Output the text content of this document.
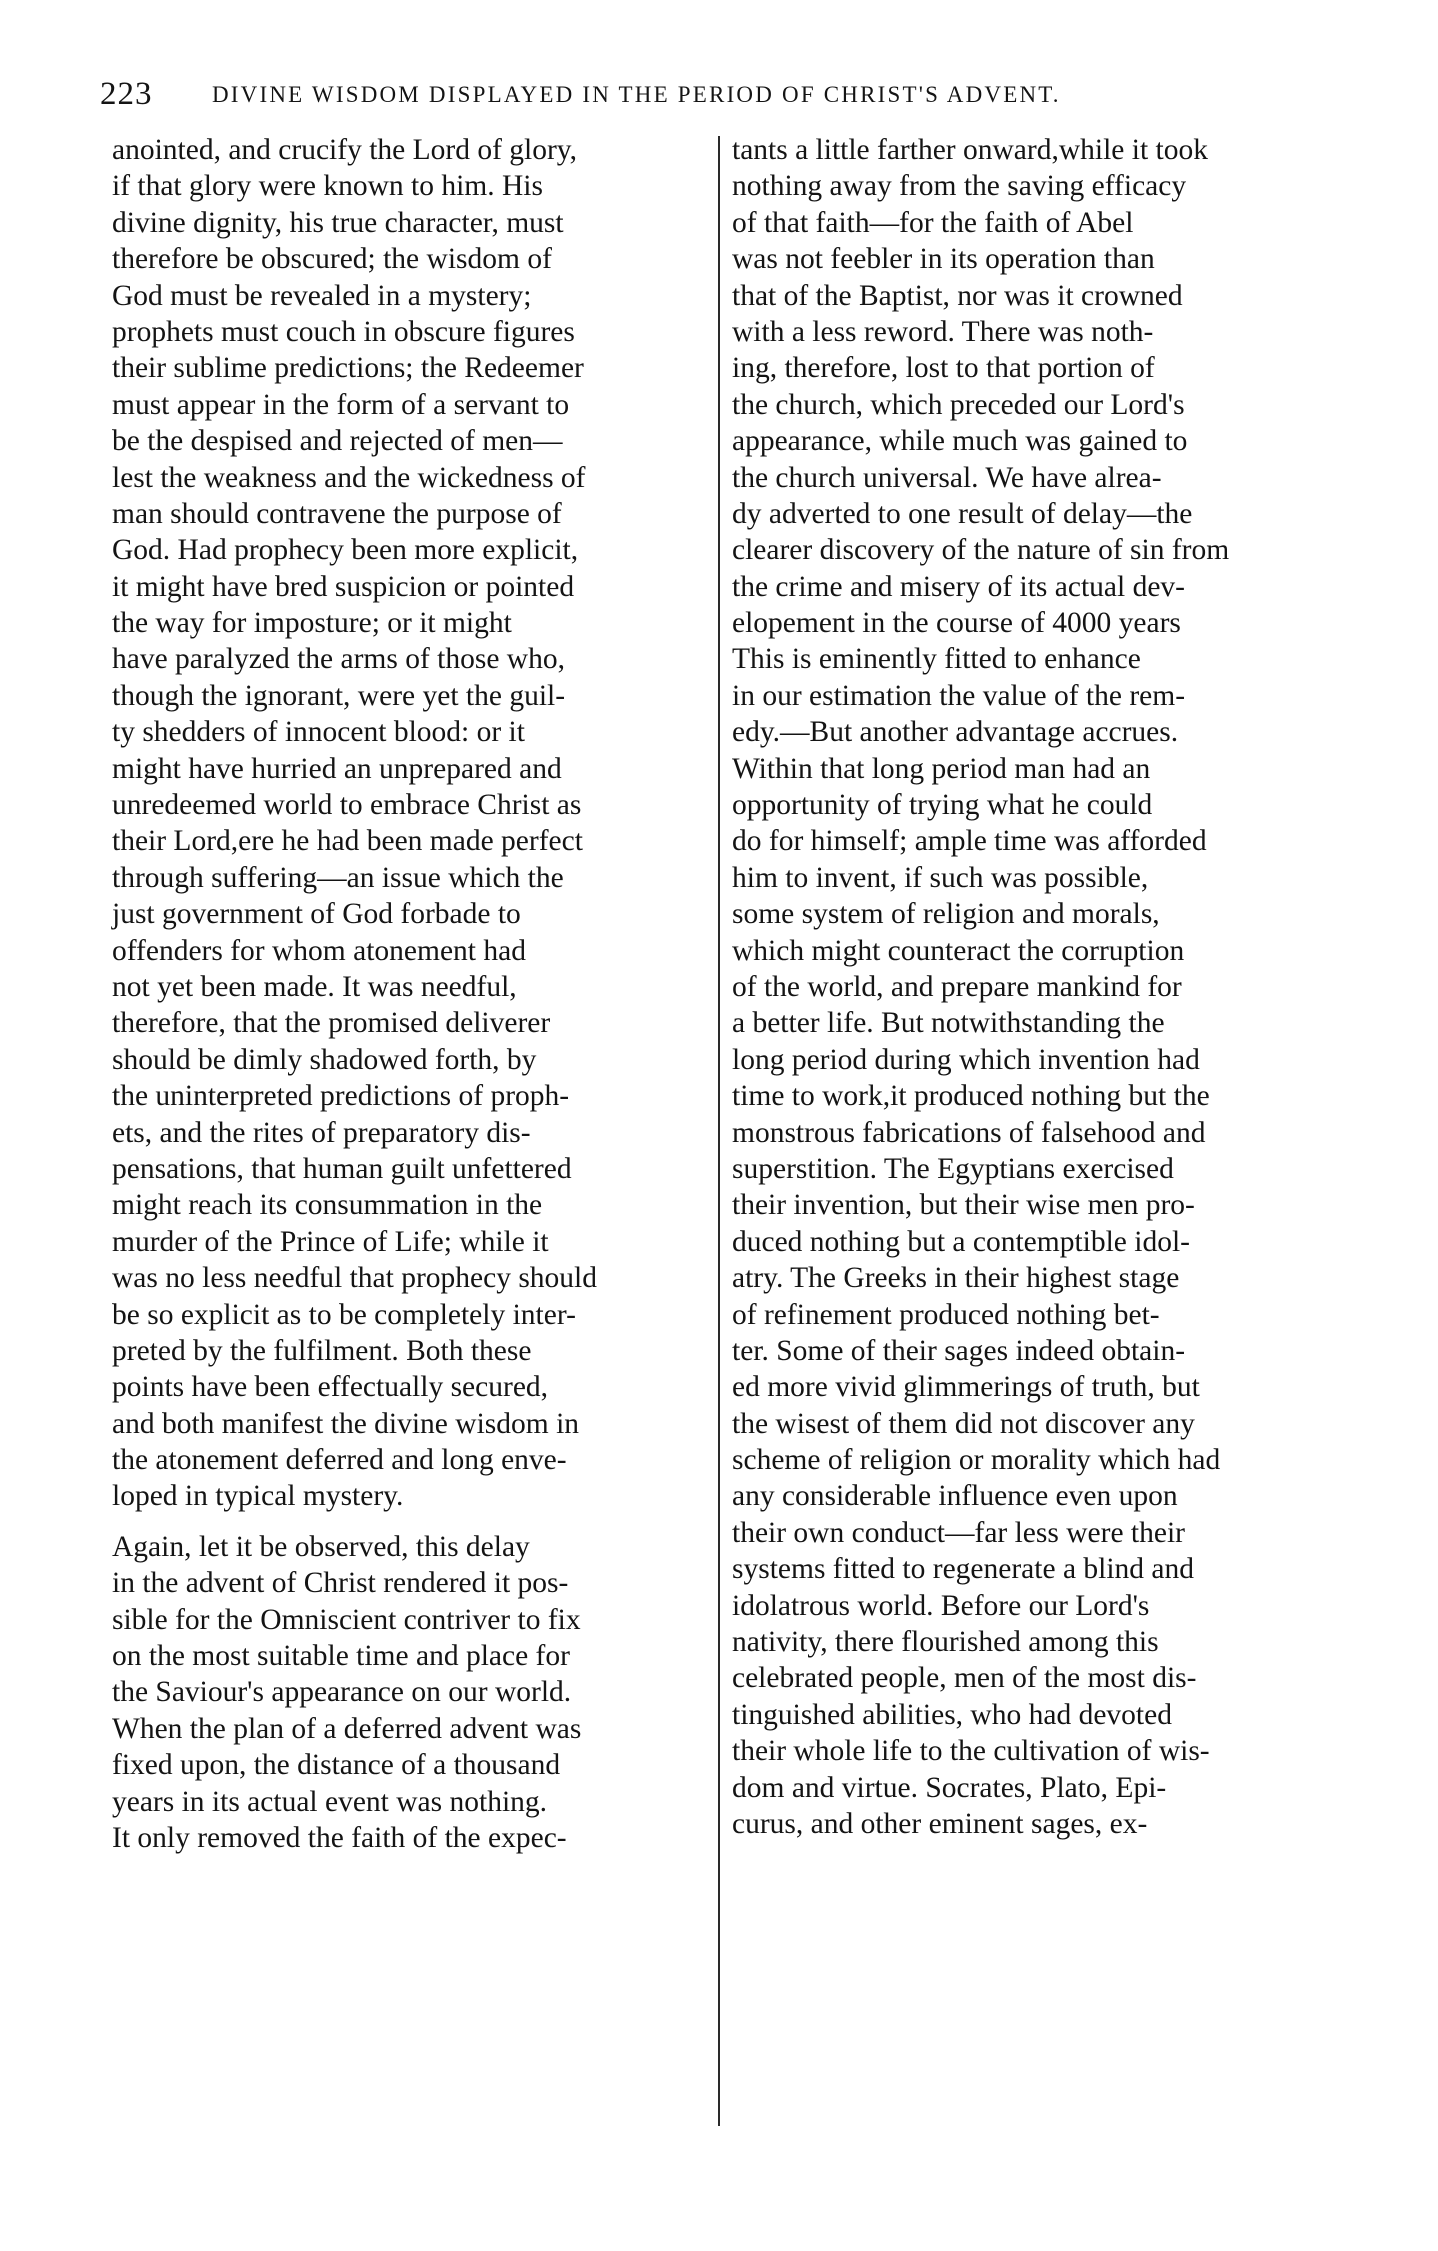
223	DIVINE WISDOM DISPLAYED IN THE PERIOD OF CHRIST'S ADVENT.
anointed, and crucify the Lord of glory,
if that glory were known to him. His
divine dignity, his true character, must
therefore be obscured; the wisdom of
God must be revealed in a mystery;
prophets must couch in obscure figures
their sublime predictions; the Redeemer
must appear in the form of a servant to
be the despised and rejected of men—
lest the weakness and the wickedness of
man should contravene the purpose of
God. Had prophecy been more explicit,
it might have bred suspicion or pointed
the way for imposture; or it might
have paralyzed the arms of those who,
though the ignorant, were yet the guil-
ty shedders of innocent blood: or it
might have hurried an unprepared and
unredeemed world to embrace Christ as
their Lord,ere he had been made perfect
through suffering—an issue which the
just government of God forbade to
offenders for whom atonement had
not yet been made. It was needful,
therefore, that the promised deliverer
should be dimly shadowed forth, by
the uninterpreted predictions of proph-
ets, and the rites of preparatory dis-
pensations, that human guilt unfettered
might reach its consummation in the
murder of the Prince of Life; while it
was no less needful that prophecy should
be so explicit as to be completely inter-
preted by the fulfilment. Both these
points have been effectually secured,
and both manifest the divine wisdom in
the atonement deferred and long enve-
loped in typical mystery.
Again, let it be observed, this delay
in the advent of Christ rendered it pos-
sible for the Omniscient contriver to fix
on the most suitable time and place for
the Saviour's appearance on our world.
When the plan of a deferred advent was
fixed upon, the distance of a thousand
years in its actual event was nothing.
It only removed the faith of the expec-
tants a little farther onward,while it took
nothing away from the saving efficacy
of that faith—for the faith of Abel
was not feebler in its operation than
that of the Baptist, nor was it crowned
with a less reword. There was noth-
ing, therefore, lost to that portion of
the church, which preceded our Lord's
appearance, while much was gained to
the church universal. We have alrea-
dy adverted to one result of delay—the
clearer discovery of the nature of sin from
the crime and misery of its actual dev-
elopement in the course of 4000 years
This is eminently fitted to enhance
in our estimation the value of the rem-
edy.—But another advantage accrues.
Within that long period man had an
opportunity of trying what he could
do for himself; ample time was afforded
him to invent, if such was possible,
some system of religion and morals,
which might counteract the corruption
of the world, and prepare mankind for
a better life. But notwithstanding the
long period during which invention had
time to work,it produced nothing but the
monstrous fabrications of falsehood and
superstition. The Egyptians exercised
their invention, but their wise men pro-
duced nothing but a contemptible idol-
atry. The Greeks in their highest stage
of refinement produced nothing bet-
ter. Some of their sages indeed obtain-
ed more vivid glimmerings of truth, but
the wisest of them did not discover any
scheme of religion or morality which had
any considerable influence even upon
their own conduct—far less were their
systems fitted to regenerate a blind and
idolatrous world. Before our Lord's
nativity, there flourished among this
celebrated people, men of the most dis-
tinguished abilities, who had devoted
their whole life to the cultivation of wis-
dom and virtue. Socrates, Plato, Epi-
curus, and other eminent sages, ex-
